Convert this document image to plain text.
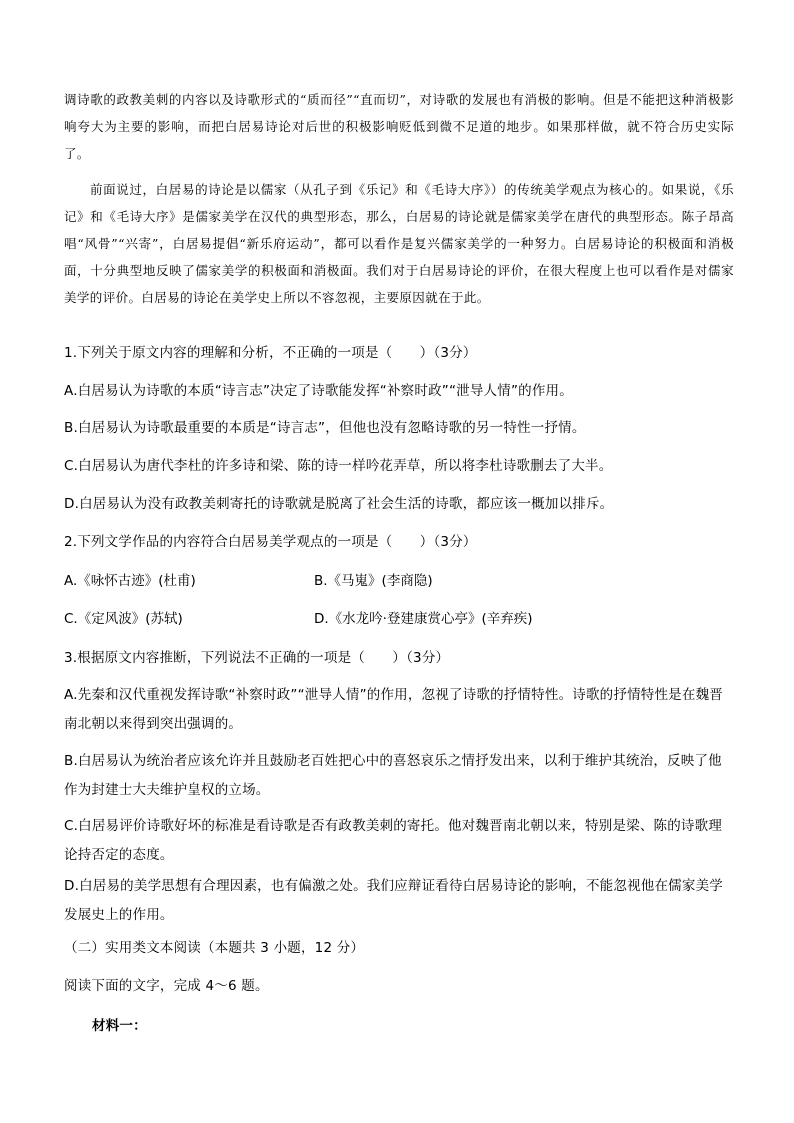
调诗歌的政教美刺的内容以及诗歌形式的“质而径”“直而切”，对诗歌的发展也有消极的影响。但是不能把这种消极影响夸大为主要的影响，而把白居易诗论对后世的积极影响贬低到微不足道的地步。如果那样做，就不符合历史实际了。

前面说过，白居易的诗论是以儒家（从孔子到《乐记》和《毛诗大序》）的传统美学观点为核心的。如果说，《乐记》和《毛诗大序》是儒家美学在汉代的典型形态，那么，白居易的诗论就是儒家美学在唐代的典型形态。陈子昂高唱“风骨”“兴寄”，白居易提倡“新乐府运动”，都可以看作是复兴儒家美学的一种努力。白居易诗论的积极面和消极面，十分典型地反映了儒家美学的积极面和消极面。我们对于白居易诗论的评价，在很大程度上也可以看作是对儒家美学的评价。白居易的诗论在美学史上所以不容忽视，主要原因就在于此。

1.下列关于原文内容的理解和分析，不正确的一项是（　　）（3分）

A.白居易认为诗歌的本质“诗言志”决定了诗歌能发挥“补察时政”“泄导人情”的作用。

B.白居易认为诗歌最重要的本质是“诗言志”，但他也没有忽略诗歌的另一特性一抒情。

C.白居易认为唐代李杜的许多诗和梁、陈的诗一样吟花弄草，所以将李杜诗歌删去了大半。

D.白居易认为没有政教美刺寄托的诗歌就是脱离了社会生活的诗歌，都应该一概加以排斥。

2.下列文学作品的内容符合白居易美学观点的一项是（　　）（3分）

A.《咏怀古迹》(杜甫)	B.《马嵬》(李商隐)
C.《定风波》(苏轼)	D.《水龙吟·登建康赏心亭》(辛弃疾)

3.根据原文内容推断，下列说法不正确的一项是（　　）（3分）

A.先秦和汉代重视发挥诗歌“补察时政”“泄导人情”的作用，忽视了诗歌的抒情特性。诗歌的抒情特性是在魏晋南北朝以来得到突出强调的。

B.白居易认为统治者应该允许并且鼓励老百姓把心中的喜怒哀乐之情抒发出来，以利于维护其统治，反映了他作为封建士大夫维护皇权的立场。

C.白居易评价诗歌好坏的标准是看诗歌是否有政教美刺的寄托。他对魏晋南北朝以来，特别是梁、陈的诗歌理论持否定的态度。

D.白居易的美学思想有合理因素，也有偏激之处。我们应辩证看待白居易诗论的影响，不能忽视他在儒家美学发展史上的作用。

（二）实用类文本阅读（本题共 3 小题，12 分）

阅读下面的文字，完成 4～6 题。

材料一：
